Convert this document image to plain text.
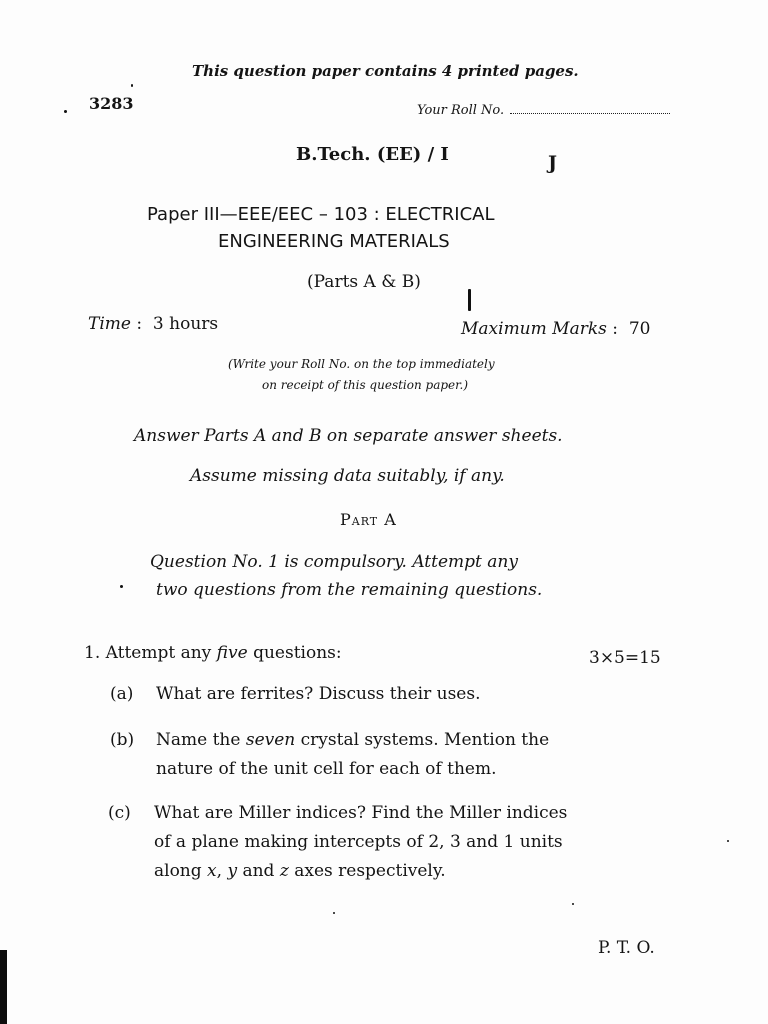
This question paper contains 4 printed pages.
3283	Your Roll No.
B.Tech. (EE) / I	J
Paper III—EEE/EEC – 103 : ELECTRICAL
ENGINEERING MATERIALS
(Parts A & B)
Time :  3 hours	Maximum Marks :  70
(Write your Roll No. on the top immediately
on receipt of this question paper.)
Answer Parts A and B on separate answer sheets.
Assume missing data suitably, if any.
Part A
Question No. 1 is compulsory. Attempt any
two questions from the remaining questions.
1. Attempt any five questions:	3×5=15
(a) What are ferrites? Discuss their uses.
(b) Name the seven crystal systems. Mention the
nature of the unit cell for each of them.
(c) What are Miller indices? Find the Miller indices
of a plane making intercepts of 2, 3 and 1 units
along x, y and z axes respectively.
P. T. O.
